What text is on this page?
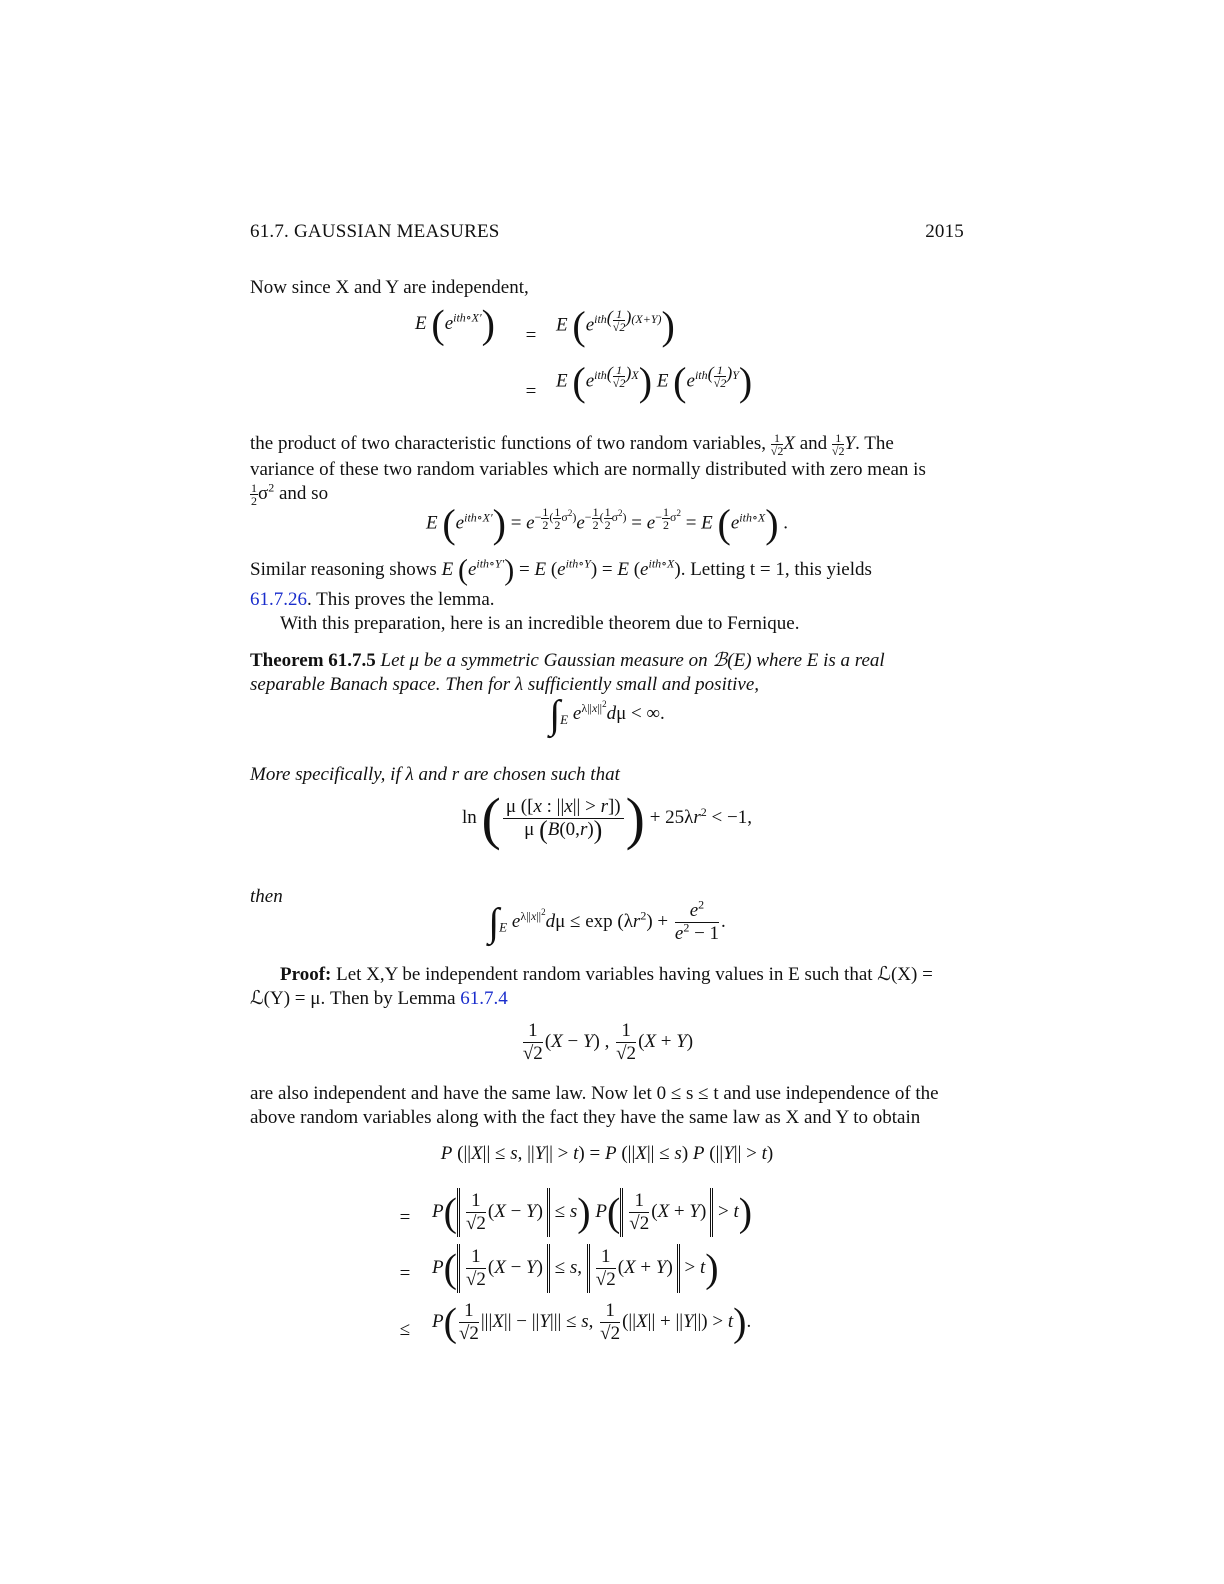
61.7. GAUSSIAN MEASURES	2015

Now since X and Y are independent,

E $(e^{ith\circ X'})$	=	E $(e^{ith( \frac{1}{√2} )(X+Y)})$
=	E $(e^{ith( \frac{1}{√2} )X})$ E $(e^{ith( \frac{1}{√2} )Y})$

the product of two characteristic functions of two random variables, $\frac{1}{√2}$ X and $\frac{1}{√2} Y$. The

variance of these two random variables which are normally distributed with zero mean is

$\frac{1}{2} \sigma^2$ and so

E $(e^{ith\circ X'}) = e^{- \frac{1}{2} ( \frac{1}{2} \sigma^2)}e^{- \frac{1}{2} ( \frac{1}{2} \sigma^2)} = e^{- \frac{1}{2} \sigma^2} = E$ $(e^{ith\circ X})$ .

Similar reasoning shows E $(e^{ith\circ Y'}) = E$ $(e^{ith\circ Y}) = E$ $(e^{ith\circ X})$. Letting t = 1, this yields

61.7.26. This proves the lemma.

With this preparation, here is an incredible theorem due to Fernique.

Theorem 61.7.5 Let μ be a symmetric Gaussian measure on ℬ(E) where E is a real

separable Banach space. Then for λ sufficiently small and positive,

$\int_E$ $e^{\lambda||x||^2}d\mu$ < ∞.

More specifically, if λ and r are chosen such that

ln ( $\frac{\mu ([x : ||x|| > r])}{\mu (B(0,r))}$ ) + $25\lambda r^2 < -1$,

then

$\int_E$ $e^{\lambda||x||^2}d\mu \le \exp (\lambda r^2) + \frac{e^2}{e^2 - 1}$ .

Proof: Let X,Y be independent random variables having values in E such that ℒ(X) =

ℒ(Y) = μ. Then by Lemma 61.7.4

$\frac{1}{√2} (X - Y)$ , $\frac{1}{√2} (X + Y)$

are also independent and have the same law. Now let 0 ≤ s ≤ t and use independence of the

above random variables along with the fact they have the same law as X and Y to obtain

P (||X|| ≤ s, ||Y|| > t) = P (||X|| ≤ s) P (||Y|| > t)
=	$P( \frac{1}{√2} (X - Y) \le s)$ $P( \frac{1}{√2} (X + Y) > t)$
=	$P( \frac{1}{√2} (X - Y) \le s$, $\frac{1}{√2} (X + Y) > t$)
≤	$P( \frac{1}{√2} |||X|| - ||Y||| \le s$, $\frac{1}{√2} (||X|| + ||Y||) > t$).
